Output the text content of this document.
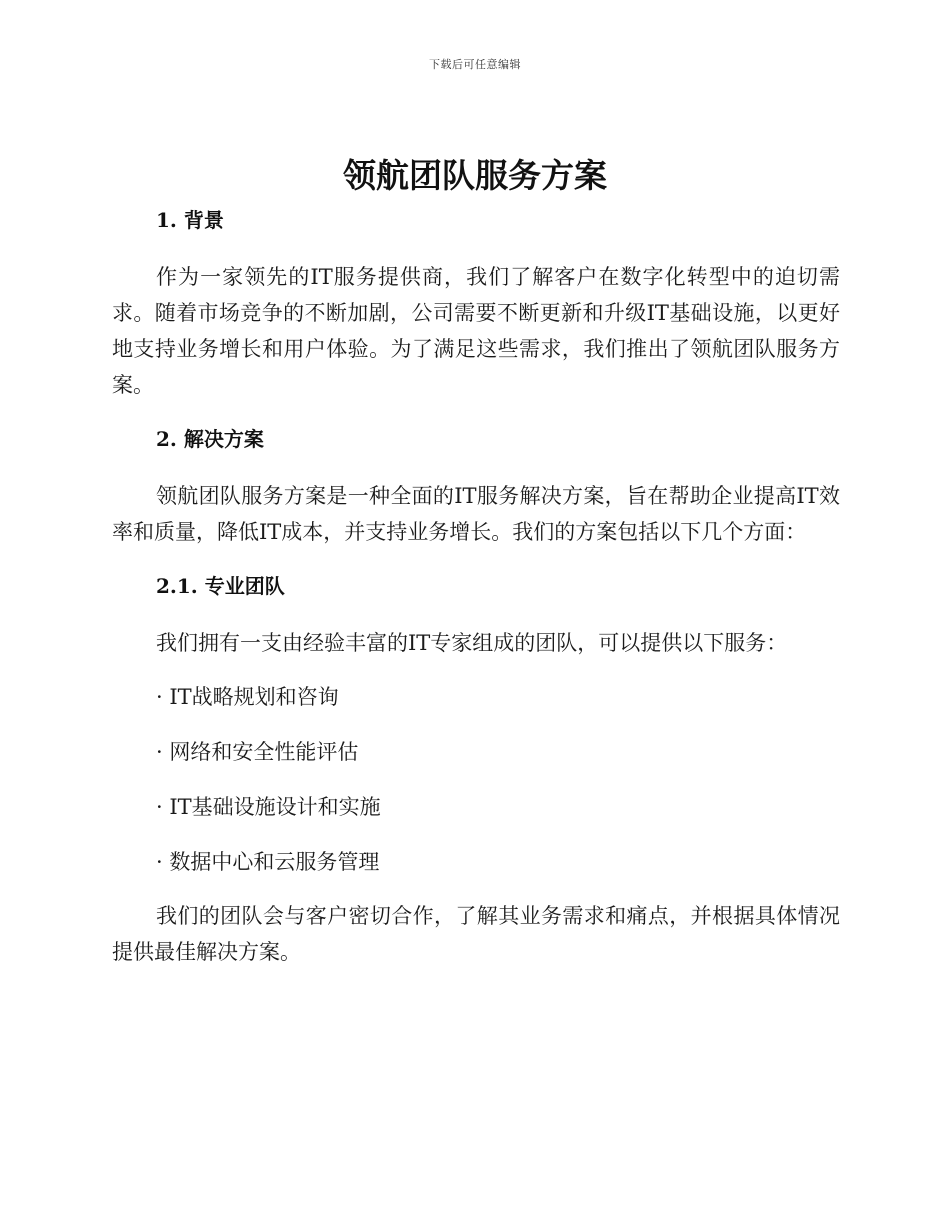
下载后可任意编辑
领航团队服务方案
1. 背景

作为一家领先的IT服务提供商，我们了解客户在数字化转型中的迫切需求。随着市场竞争的不断加剧，公司需要不断更新和升级IT基础设施，以更好地支持业务增长和用户体验。为了满足这些需求，我们推出了领航团队服务方案。

2. 解决方案

领航团队服务方案是一种全面的IT服务解决方案，旨在帮助企业提高IT效率和质量，降低IT成本，并支持业务增长。我们的方案包括以下几个方面：

2.1. 专业团队

我们拥有一支由经验丰富的IT专家组成的团队，可以提供以下服务：

· IT战略规划和咨询

· 网络和安全性能评估

· IT基础设施设计和实施

· 数据中心和云服务管理

我们的团队会与客户密切合作，了解其业务需求和痛点，并根据具体情况提供最佳解决方案。
